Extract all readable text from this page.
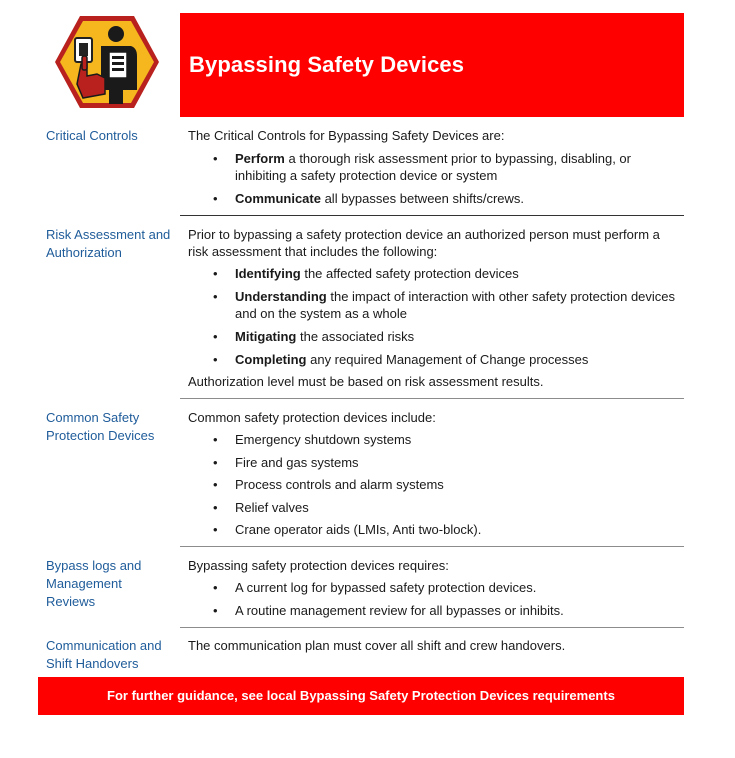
Bypassing Safety Devices
Critical Controls	The Critical Controls for Bypassing Safety Devices are:
• Perform a thorough risk assessment prior to bypassing, disabling, or inhibiting a safety protection device or system
• Communicate all bypasses between shifts/crews.
Risk Assessment and Authorization
Prior to bypassing a safety protection device an authorized person must perform a risk assessment that includes the following:
• Identifying the affected safety protection devices
• Understanding the impact of interaction with other safety protection devices and on the system as a whole
• Mitigating the associated risks
• Completing any required Management of Change processes
Authorization level must be based on risk assessment results.
Common Safety Protection Devices
Common safety protection devices include:
• Emergency shutdown systems
• Fire and gas systems
• Process controls and alarm systems
• Relief valves
• Crane operator aids (LMIs, Anti two-block).
Bypass logs and Management Reviews
Bypassing safety protection devices requires:
• A current log for bypassed safety protection devices.
• A routine management review for all bypasses or inhibits.
Communication and Shift Handovers
The communication plan must cover all shift and crew handovers.
For further guidance, see local Bypassing Safety Protection Devices requirements
